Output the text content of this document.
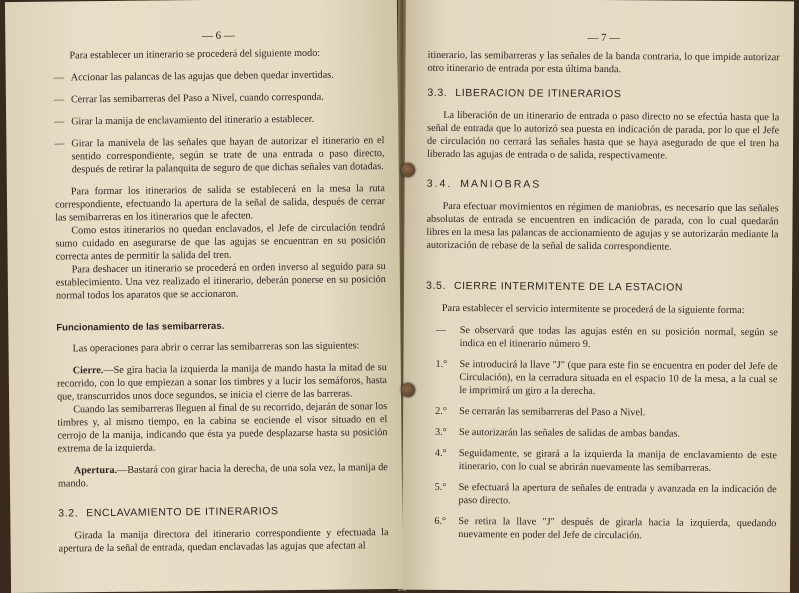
— 6 —

Para establecer un itinerario se procederá del siguiente modo:

— Accionar las palancas de las agujas que deben quedar invertidas.
— Cerrar las semibarreras del Paso a Nivel, cuando corresponda.
— Girar la manija de enclavamiento del itinerario a establecer.
— Girar la manivela de las señales que hayan de autorizar el itinerario en el sentido correspondiente, según se trate de una entrada o paso directo, después de retirar la palanquita de seguro de que dichas señales van dotadas.

Para formar los itinerarios de salida se establecerá en la mesa la ruta correspondiente, efectuando la apertura de la señal de salida, después de cerrar las semibarreras en los itinerarios que le afecten.

Como estos itinerarios no quedan enclavados, el Jefe de circulación tendrá sumo cuidado en asegurarse de que las agujas se encuentran en su posición correcta antes de permitir la salida del tren.

Para deshacer un itinerario se procederá en orden inverso al seguido para su establecimiento. Una vez realizado el itinerario, deberán ponerse en su posición normal todos los aparatos que se accionaron.

Funcionamiento de las semibarreras.

Las operaciones para abrir o cerrar las semibarreras son las siguientes:

Cierre.—Se gira hacia la izquierda la manija de mando hasta la mitad de su recorrido, con lo que empiezan a sonar los timbres y a lucir los semáforos, hasta que, transcurridos unos doce segundos, se inicia el cierre de las barreras.

Cuando las semibarreras lleguen al final de su recorrido, dejarán de sonar los timbres y, al mismo tiempo, en la cabina se enciende el visor situado en el cerrojo de la manija, indicando que ésta ya puede desplazarse hasta su posición extrema de la izquierda.

Apertura.—Bastará con girar hacia la derecha, de una sola vez, la manija de mando.

3.2. ENCLAVAMIENTO DE ITINERARIOS

Girada la manija directora del itinerario correspondiente y efectuada la apertura de la señal de entrada, quedan enclavadas las agujas que afectan al

— 7 —

itinerario, las semibarreras y las señales de la banda contraria, lo que impide autorizar otro itinerario de entrada por esta última banda.

3.3. LIBERACION DE ITINERARIOS

La liberación de un itinerario de entrada o paso directo no se efectúa hasta que la señal de entrada que lo autorizó sea puesta en indicación de parada, por lo que el Jefe de circulación no cerrará las señales hasta que se haya asegurado de que el tren ha liberado las agujas de entrada o de salida, respectivamente.

3.4. MANIOBRAS

Para efectuar movimientos en régimen de maniobras, es necesario que las señales absolutas de entrada se encuentren en indicación de parada, con lo cual quedarán libres en la mesa las palancas de accionamiento de agujas y se autorizarán mediante la autorización de rebase de la señal de salida correspondiente.

3.5. CIERRE INTERMITENTE DE LA ESTACION

Para establecer el servicio intermitente se procederá de la siguiente forma:

—	Se observará que todas las agujas estén en su posición normal, según se indica en el itinerario número 9.
1.°	Se introducirá la llave "J" (que para este fin se encuentra en poder del Jefe de Circulación), en la cerradura situada en el espacio 10 de la mesa, a la cual se le imprimirá un giro a la derecha.
2.°	Se cerrarán las semibarreras del Paso a Nivel.
3.°	Se autorizarán las señales de salidas de ambas bandas.
4.°	Seguidamente, se girará a la izquierda la manija de enclavamiento de este itinerario, con lo cual se abrirán nuevamente las semibarreras.
5.°	Se efectuará la apertura de señales de entrada y avanzada en la indicación de paso directo.
6.°	Se retira la llave "J" después de girarla hacia la izquierda, quedando nuevamente en poder del Jefe de circulación.
